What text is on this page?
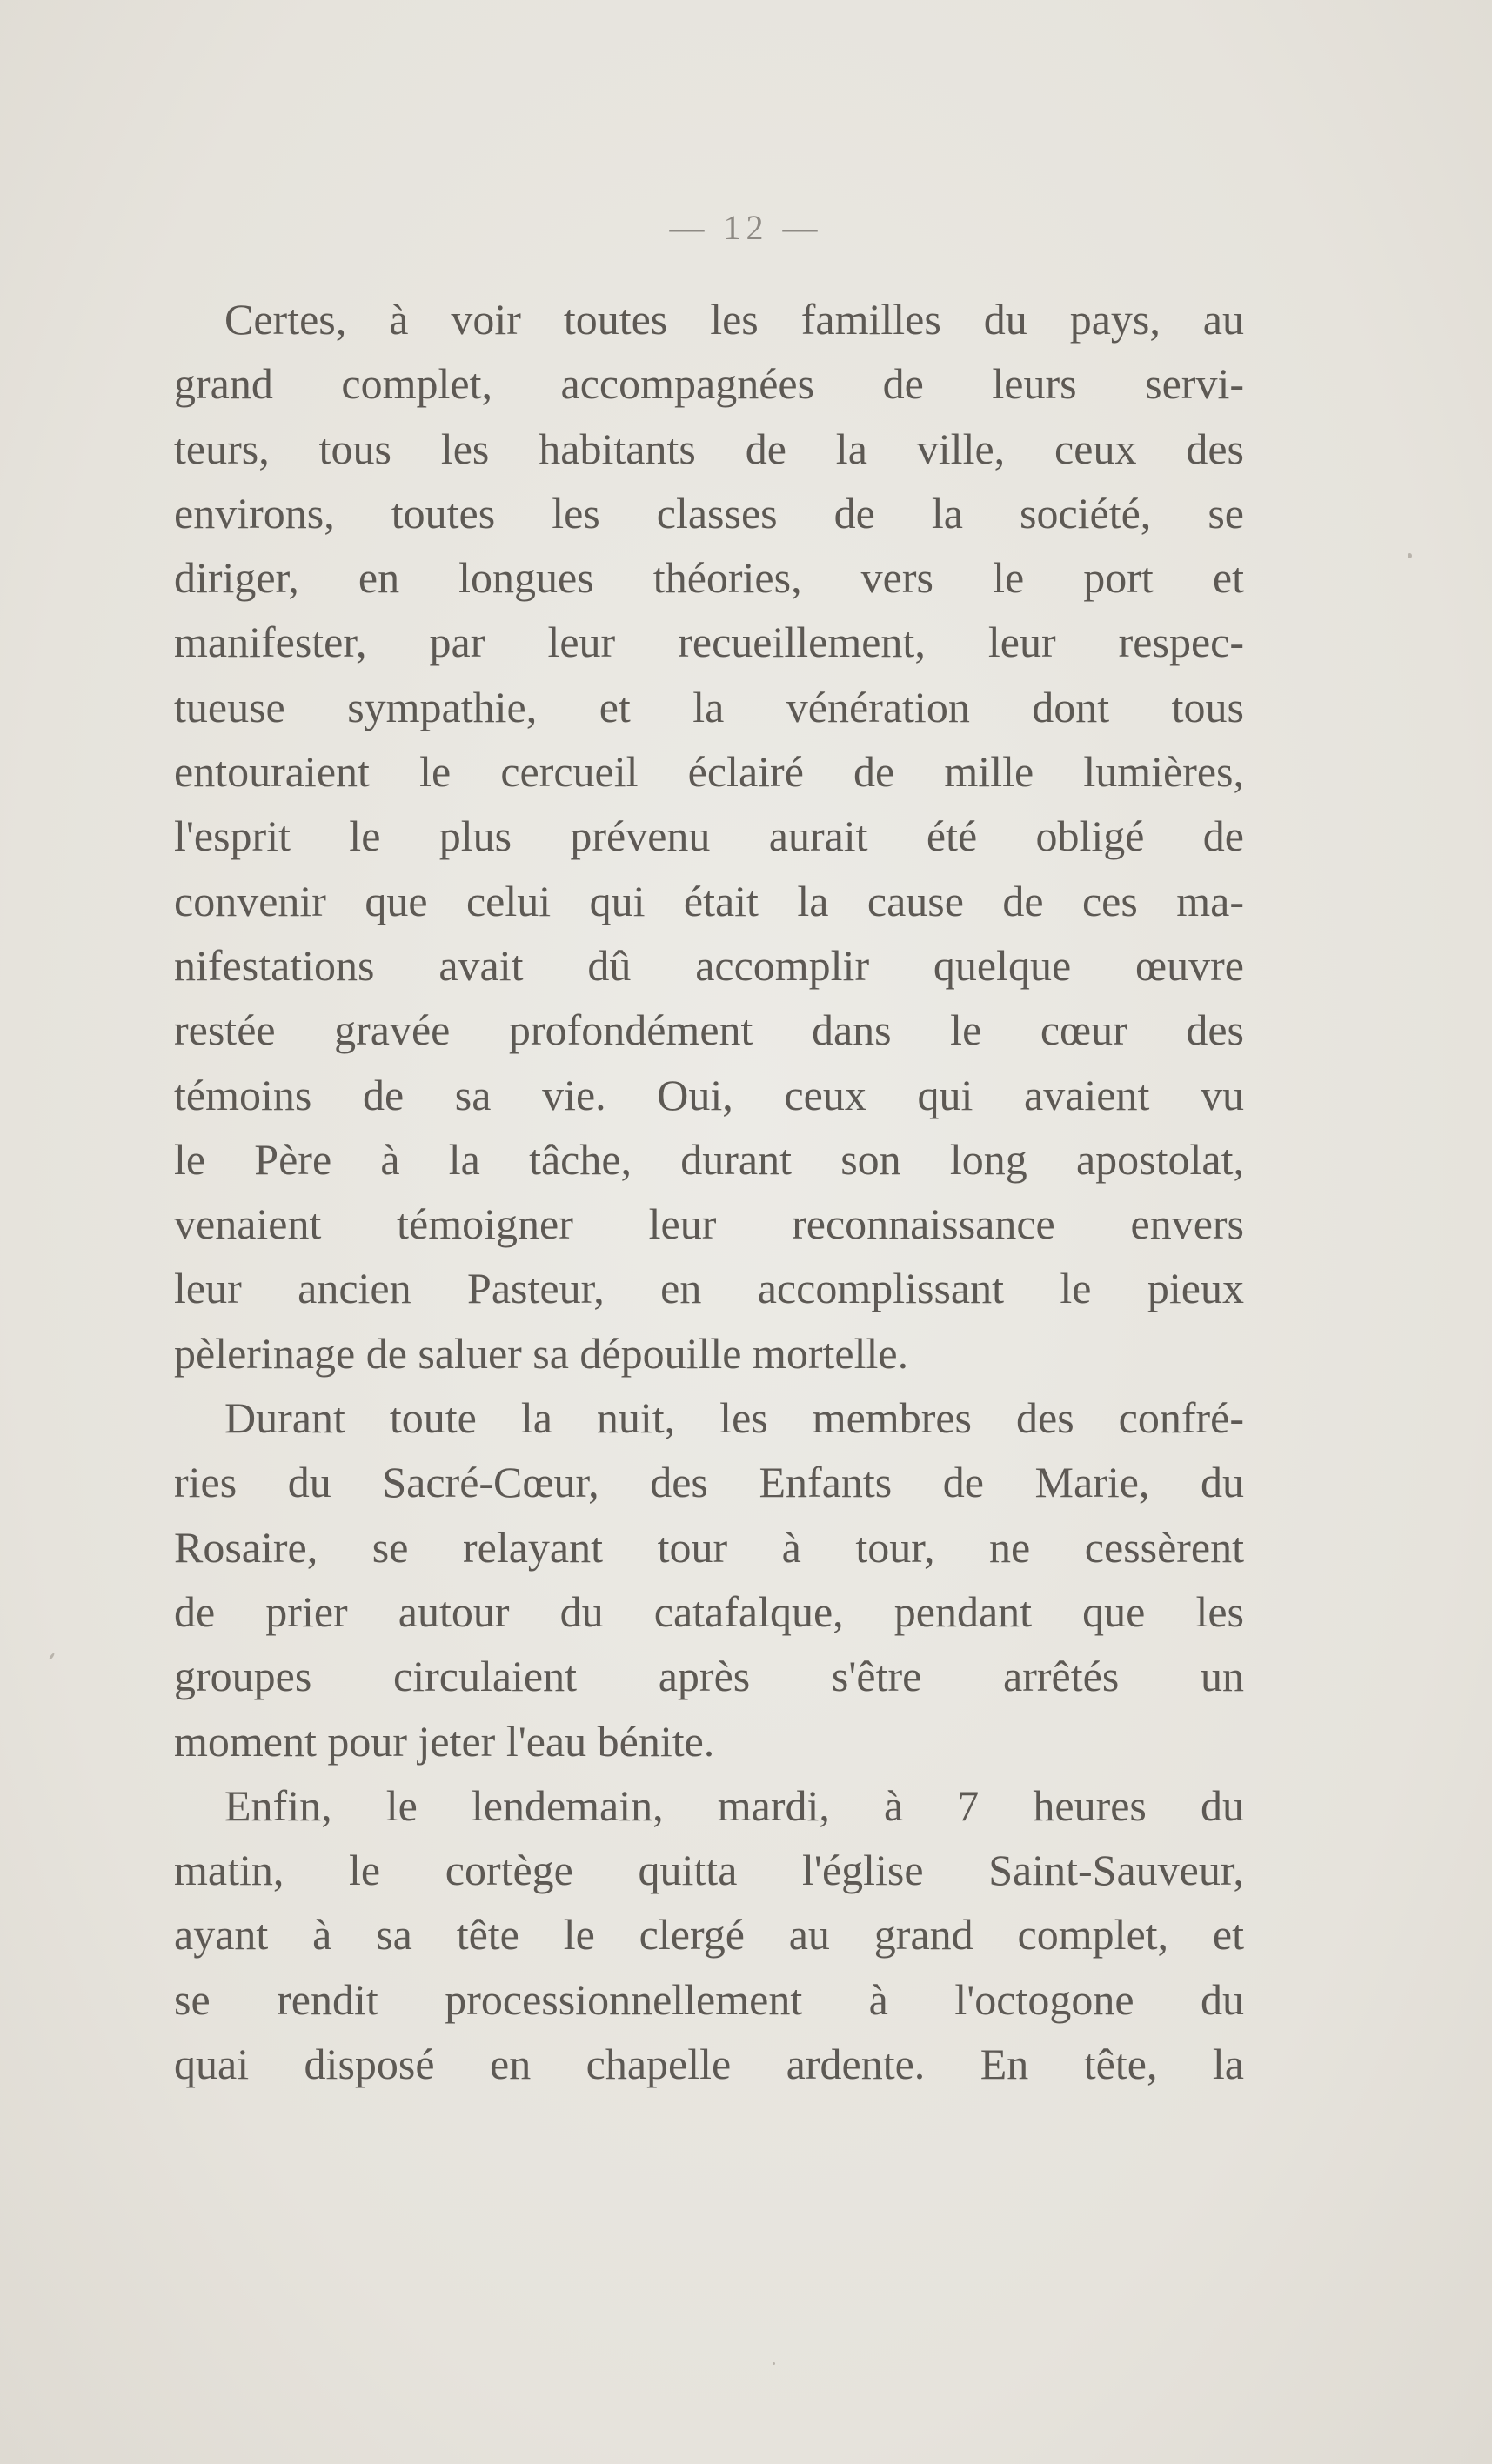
— 12 —
Certes, à voir toutes les familles du pays, au
grand complet, accompagnées de leurs servi-
teurs, tous les habitants de la ville, ceux des
environs, toutes les classes de la société, se
diriger, en longues théories, vers le port et
manifester, par leur recueillement, leur respec-
tueuse sympathie, et la vénération dont tous
entouraient le cercueil éclairé de mille lumières,
l'esprit le plus prévenu aurait été obligé de
convenir que celui qui était la cause de ces ma-
nifestations avait dû accomplir quelque œuvre
restée gravée profondément dans le cœur des
témoins de sa vie. Oui, ceux qui avaient vu
le Père à la tâche, durant son long apostolat,
venaient témoigner leur reconnaissance envers
leur ancien Pasteur, en accomplissant le pieux
pèlerinage de saluer sa dépouille mortelle.
Durant toute la nuit, les membres des confré-
ries du Sacré-Cœur, des Enfants de Marie, du
Rosaire, se relayant tour à tour, ne cessèrent
de prier autour du catafalque, pendant que les
groupes circulaient après s'être arrêtés un
moment pour jeter l'eau bénite.
Enfin, le lendemain, mardi, à 7 heures du
matin, le cortège quitta l'église Saint-Sauveur,
ayant à sa tête le clergé au grand complet, et
se rendit processionnellement à l'octogone du
quai disposé en chapelle ardente. En tête, la
